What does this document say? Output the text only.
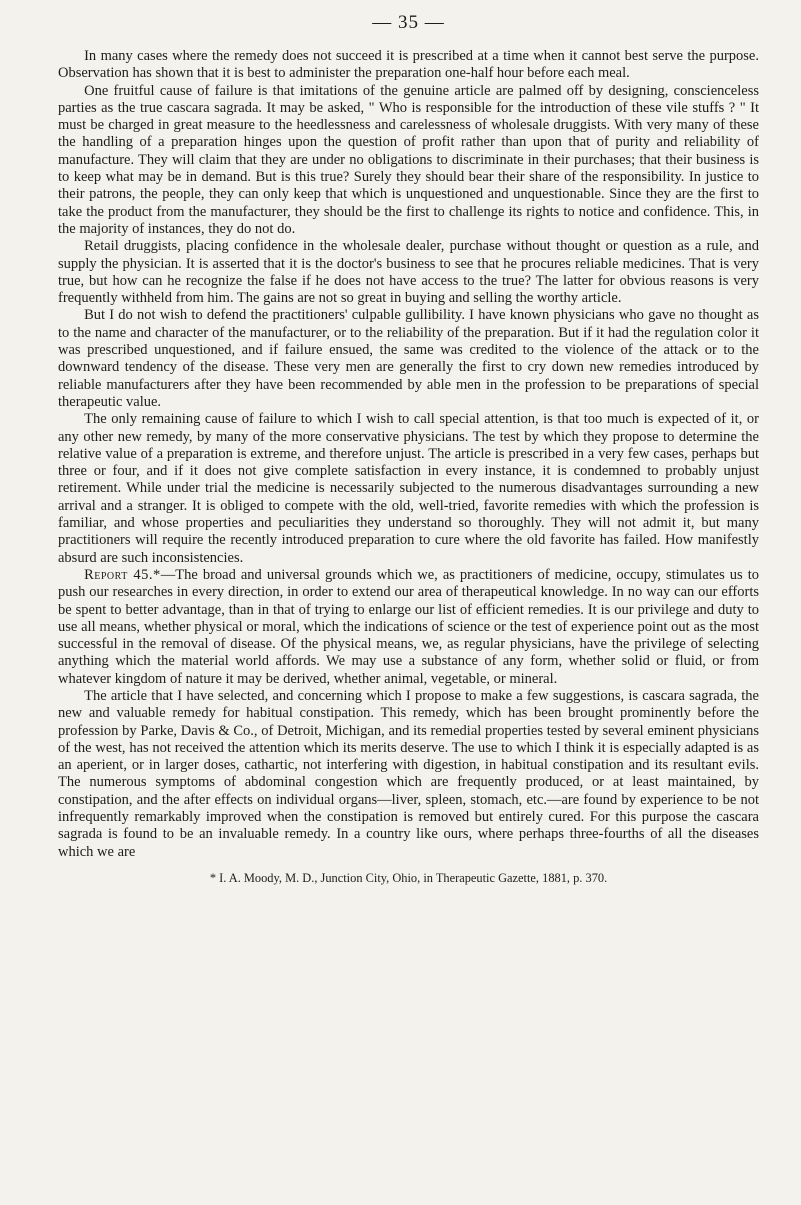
— 35 —

In many cases where the remedy does not succeed it is prescribed at a time when it cannot best serve the purpose. Observation has shown that it is best to administer the preparation one-half hour before each meal.

One fruitful cause of failure is that imitations of the genuine article are palmed off by designing, conscienceless parties as the true cascara sagrada. It may be asked, " Who is responsible for the introduction of these vile stuffs ? " It must be charged in great measure to the heedlessness and carelessness of wholesale druggists. With very many of these the handling of a preparation hinges upon the question of profit rather than upon that of purity and reliability of manufacture. They will claim that they are under no obligations to discriminate in their purchases; that their business is to keep what may be in demand. But is this true? Surely they should bear their share of the responsibility. In justice to their patrons, the people, they can only keep that which is unquestioned and unquestionable. Since they are the first to take the product from the manufacturer, they should be the first to challenge its rights to notice and confidence. This, in the majority of instances, they do not do.

Retail druggists, placing confidence in the wholesale dealer, purchase without thought or question as a rule, and supply the physician. It is asserted that it is the doctor's business to see that he procures reliable medicines. That is very true, but how can he recognize the false if he does not have access to the true? The latter for obvious reasons is very frequently withheld from him. The gains are not so great in buying and selling the worthy article.

But I do not wish to defend the practitioners' culpable gullibility. I have known physicians who gave no thought as to the name and character of the manufacturer, or to the reliability of the preparation. But if it had the regulation color it was prescribed unquestioned, and if failure ensued, the same was credited to the violence of the attack or to the downward tendency of the disease. These very men are generally the first to cry down new remedies introduced by reliable manufacturers after they have been recommended by able men in the profession to be preparations of special therapeutic value.

The only remaining cause of failure to which I wish to call special attention, is that too much is expected of it, or any other new remedy, by many of the more conservative physicians. The test by which they propose to determine the relative value of a preparation is extreme, and therefore unjust. The article is prescribed in a very few cases, perhaps but three or four, and if it does not give complete satisfaction in every instance, it is condemned to probably unjust retirement. While under trial the medicine is necessarily subjected to the numerous disadvantages surrounding a new arrival and a stranger. It is obliged to compete with the old, well-tried, favorite remedies with which the profession is familiar, and whose properties and peculiarities they understand so thoroughly. They will not admit it, but many practitioners will require the recently introduced preparation to cure where the old favorite has failed. How manifestly absurd are such inconsistencies.

Report 45.*—The broad and universal grounds which we, as practitioners of medicine, occupy, stimulates us to push our researches in every direction, in order to extend our area of therapeutical knowledge. In no way can our efforts be spent to better advantage, than in that of trying to enlarge our list of efficient remedies. It is our privilege and duty to use all means, whether physical or moral, which the indications of science or the test of experience point out as the most successful in the removal of disease. Of the physical means, we, as regular physicians, have the privilege of selecting anything which the material world affords. We may use a substance of any form, whether solid or fluid, or from whatever kingdom of nature it may be derived, whether animal, vegetable, or mineral.

The article that I have selected, and concerning which I propose to make a few suggestions, is cascara sagrada, the new and valuable remedy for habitual constipation. This remedy, which has been brought prominently before the profession by Parke, Davis & Co., of Detroit, Michigan, and its remedial properties tested by several eminent physicians of the west, has not received the attention which its merits deserve. The use to which I think it is especially adapted is as an aperient, or in larger doses, cathartic, not interfering with digestion, in habitual constipation and its resultant evils. The numerous symptoms of abdominal congestion which are frequently produced, or at least maintained, by constipation, and the after effects on individual organs—liver, spleen, stomach, etc.—are found by experience to be not infrequently remarkably improved when the constipation is removed but entirely cured. For this purpose the cascara sagrada is found to be an invaluable remedy. In a country like ours, where perhaps three-fourths of all the diseases which we are

* I. A. Moody, M. D., Junction City, Ohio, in Therapeutic Gazette, 1881, p. 370.
